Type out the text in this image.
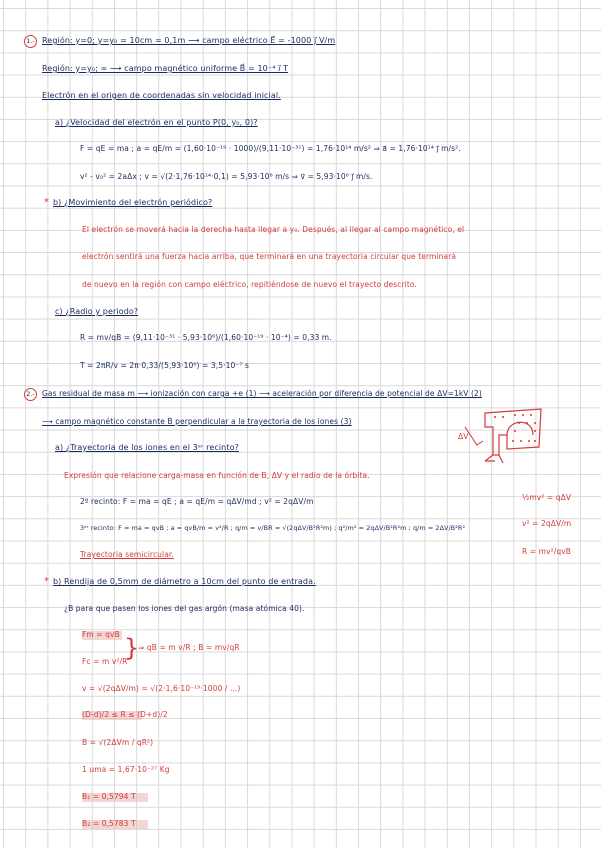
1.- Región: y=0; y=y₀ = 10cm = 0,1m ⟶ campo eléctrico E⃗ = -1000 j⃗ V/m
Región: y=y₀; ∞ ⟶ campo magnético uniforme B⃗ = 10⁻⁴ i⃗ T
Electrón en el origen de coordenadas sin velocidad inicial.
a) ¿Velocidad del electrón en el punto P(0, y₀, 0)?
F = qE = ma ; a = qE/m = (1,60·10⁻¹⁹ · 1000)/(9,11·10⁻³¹) = 1,76·10¹⁴ m/s² ⇒ a⃗ = 1,76·10¹⁴ j⃗ m/s².
v² - v₀² = 2aΔx ; v = √(2·1,76·10¹⁴·0,1) = 5,93·10⁶ m/s ⇒ v⃗ = 5,93·10⁶ j⃗ m/s.
* b) ¿Movimiento del electrón periódico?
El electrón se moverá hacia la derecha hasta llegar a y₀. Después, al llegar al campo magnético, el
electrón sentirá una fuerza hacia arriba, que terminará en una trayectoria circular que terminará
de nuevo en la región con campo eléctrico, repitiéndose de nuevo el trayecto descrito.
c) ¿Radio y periodo?
R = mv/qB = (9,11·10⁻³¹ · 5,93·10⁶)/(1,60·10⁻¹⁹ · 10⁻⁴) = 0,33 m.
T = 2πR/v = 2π·0,33/(5,93·10⁶) = 3,5·10⁻⁷ s
2.- Gas residual de masa m ⟶ ionización con carga +e (1) ⟶ aceleración por diferencia de potencial de ΔV=1kV (2)
⟶ campo magnético constante B perpendicular a la trayectoria de los iones (3)
a) ¿Trayectoria de los iones en el 3ᵉʳ recinto?
ΔV
Expresión que relacione carga-masa en función de B, ΔV y el radio de la órbita.
2º recinto: F = ma = qE ; a = qE/m = qΔV/md ; v² = 2qΔV/m
3ᵉʳ recinto: F = ma = qvB ; a = qvB/m = v²/R ; q/m = v/BR = √(2qΔV/B²R²m) ; q²/m² = 2qΔV/B²R²m ; q/m = 2ΔV/B²R²
Trayectoria semicircular.
½mv² = qΔV
v² = 2qΔV/m
R = mv²/qvB
* b) Rendija de 0,5mm de diámetro a 10cm del punto de entrada.
¿B para que pasen los iones del gas argón (masa atómica 40).
Fm = qvB
Fc = m v²/R
}
⇒ qB = m v/R ; B = mv/qR
v = √(2qΔV/m) = √(2·1,6·10⁻¹⁹·1000 / ...)
(D-d)/2 ≤ R ≤ (D+d)/2
B = √(2ΔVm / qR²)
1 uma = 1,67·10⁻²⁷ Kg
B₁ = 0,5794 T
B₂ = 0,5783 T
